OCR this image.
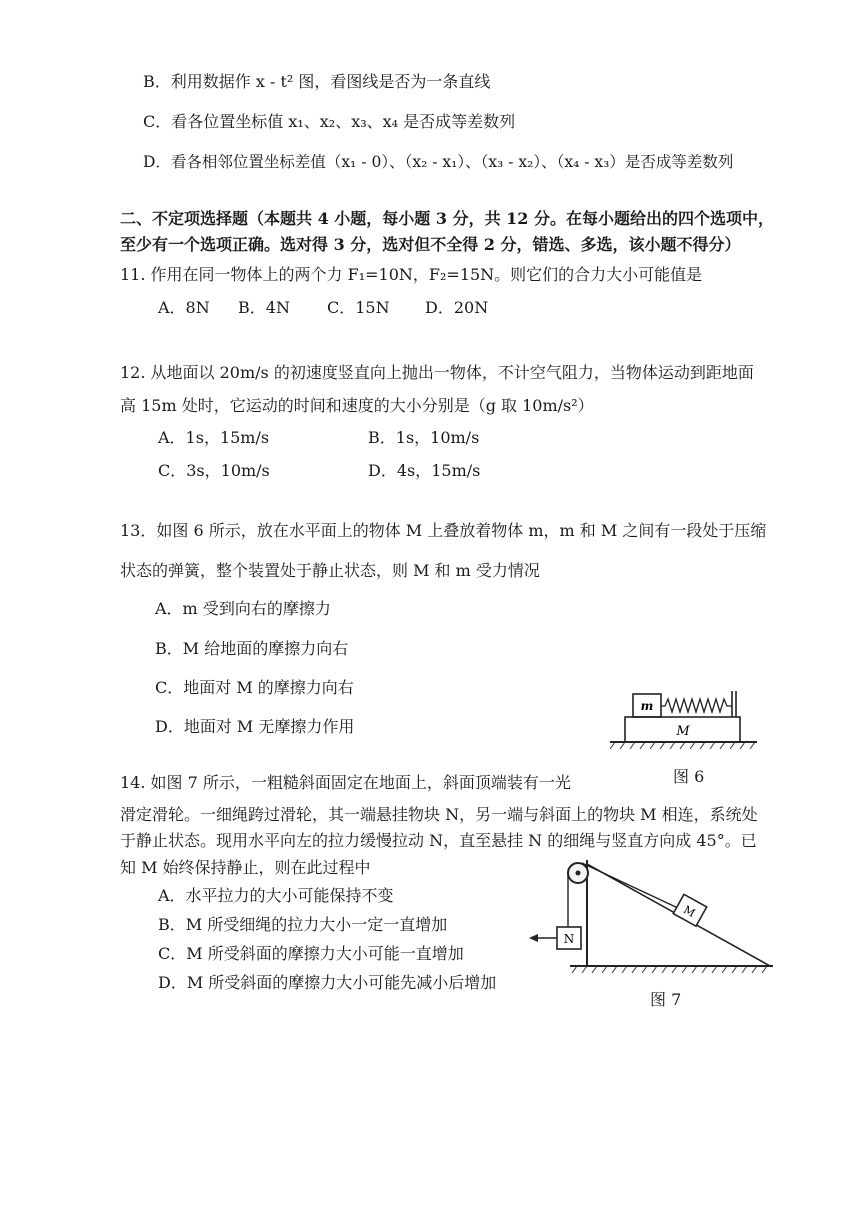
B．利用数据作 x - t² 图，看图线是否为一条直线
C．看各位置坐标值 x₁、x₂、x₃、x₄ 是否成等差数列
D．看各相邻位置坐标差值（x₁ - 0）、（x₂ - x₁）、（x₃ - x₂）、（x₄ - x₃）是否成等差数列
二、不定项选择题（本题共 4 小题，每小题 3 分，共 12 分。在每小题给出的四个选项中，
至少有一个选项正确。选对得 3 分，选对但不全得 2 分，错选、多选，该小题不得分）
11. 作用在同一物体上的两个力 F₁=10N，F₂=15N。则它们的合力大小可能值是
A．8N B．4N C．15N D．20N
12. 从地面以 20m/s 的初速度竖直向上抛出一物体，不计空气阻力，当物体运动到距地面
高 15m 处时，它运动的时间和速度的大小分别是（g 取 10m/s²）
A．1s，15m/s	B．1s，10m/s
C．3s，10m/s	D．4s，15m/s
13．如图 6 所示，放在水平面上的物体 M 上叠放着物体 m，m 和 M 之间有一段处于压缩
状态的弹簧，整个装置处于静止状态，则 M 和 m 受力情况
A．m 受到向右的摩擦力
B．M 给地面的摩擦力向右
C．地面对 M 的摩擦力向右
D．地面对 M 无摩擦力作用
m
M
图 6
14. 如图 7 所示，一粗糙斜面固定在地面上，斜面顶端装有一光
滑定滑轮。一细绳跨过滑轮，其一端悬挂物块 N，另一端与斜面上的物块 M 相连，系统处
于静止状态。现用水平向左的拉力缓慢拉动 N，直至悬挂 N 的细绳与竖直方向成 45°。已
知 M 始终保持静止，则在此过程中
A．水平拉力的大小可能保持不变
B．M 所受细绳的拉力大小一定一直增加
C．M 所受斜面的摩擦力大小可能一直增加
D．M 所受斜面的摩擦力大小可能先减小后增加
M
N
图 7
